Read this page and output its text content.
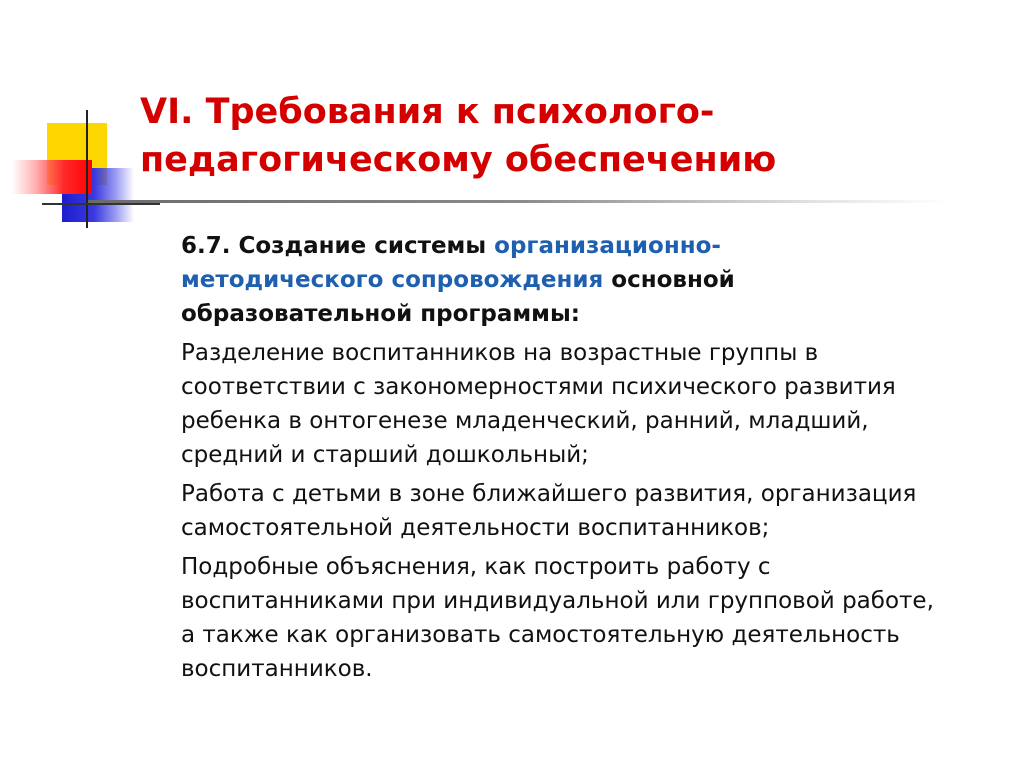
VI. Требования к психолого-
педагогическому обеспечению

6.7. Создание системы организационно-
методического сопровождения основной
образовательной программы:

Разделение воспитанников на возрастные группы в
соответствии с закономерностями психического развития
ребенка в онтогенезе младенческий, ранний, младший,
средний и старший дошкольный;

Работа с детьми в зоне ближайшего развития, организация
самостоятельной деятельности воспитанников;

Подробные объяснения, как построить работу с
воспитанниками при индивидуальной или групповой работе,
а также как организовать самостоятельную деятельность
воспитанников.
